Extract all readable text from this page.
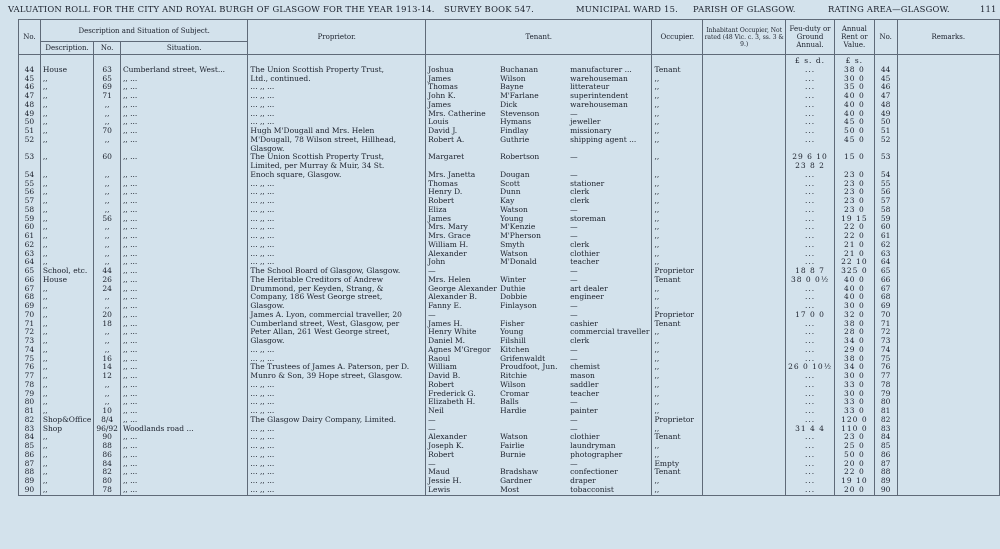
VALUATION ROLL FOR THE CITY AND ROYAL BURGH OF GLASGOW FOR THE YEAR 1913-14. SURVEY BOOK 547.	MUNICIPAL WARD 15. PARISH OF GLASGOW.	RATING AREA—GLASGOW.	111
No.	Description and Situation of Subject.			Proprietor.	Tenant.	Occupier.	Inhabitant Occupier, Not rated (48 Vic. c. 3, ss. 3 & 9.)	Feu-duty or Ground Annual.	Annual Rent or Value.	No.	Remarks.
	Description.	No.	Situation.								
								£ s. d.	£ s.		
44	House	63	Cumberland street, West...	The Union Scottish Property Trust,	Joshua Buchanan manufacturer ...	Tenant		...	38 0	44	
45	,,	65	,, ...	Ltd., continued.	James Wilson warehouseman	,,		...	30 0	45	
46	,,	69	,, ...	... ,, ...	Thomas Bayne litterateur	,,		...	35 0	46	
47	,,	71	,, ...	... ,, ...	John K. M'Farlane superintendent	,,		...	40 0	47	
48	,,	,,	,, ...	... ,, ...	James Dick warehouseman	,,		...	40 0	48	
49	,,	,,	,, ...	... ,, ...	Mrs. Catherine Stevenson —	,,		...	40 0	49	
50	,,	,,	,, ...	... ,, ...	Louis Hymans jeweller	,,		...	45 0	50	
51	,,	70	,, ...	Hugh M'Dougall and Mrs. Helen	David J. Findlay missionary	,,		...	50 0	51	
52	,,	,,	,, ...	M'Dougall, 78 Wilson street, Hillhead,	Robert A. Guthrie shipping agent ...	,,		...	45 0	52	
				Glasgow.							
53	,,	60	,, ...	The Union Scottish Property Trust,	Margaret Robertson —	,,		29 6 10	15 0	53	
				Limited, per Murray & Muir, 34 St.				23 8 2			
54	,,	,,	,, ...	Enoch square, Glasgow.	Mrs. Janetta Dougan —	,,		...	23 0	54	
55	,,	,,	,, ...	... ,, ...	Thomas Scott stationer	,,		...	23 0	55	
56	,,	,,	,, ...	... ,, ...	Henry D. Dunn clerk	,,		...	23 0	56	
57	,,	,,	,, ...	... ,, ...	Robert Kay clerk	,,		...	23 0	57	
58	,,	,,	,, ...	... ,, ...	Eliza Watson —	,,		...	23 0	58	
59	,,	56	,, ...	... ,, ...	James Young storeman	,,		...	19 15	59	
60	,,	,,	,, ...	... ,, ...	Mrs. Mary M'Kenzie —	,,		...	22 0	60	
61	,,	,,	,, ...	... ,, ...	Mrs. Grace M'Pherson —	,,		...	22 0	61	
62	,,	,,	,, ...	... ,, ...	William H. Smyth clerk	,,		...	21 0	62	
63	,,	,,	,, ...	... ,, ...	Alexander Watson clothier	,,		...	21 0	63	
64	,,	,,	,, ...	... ,, ...	John M'Donald teacher	,,		...	22 10	64	
65	School, etc.	44	,, ...	The School Board of Glasgow, Glasgow.	— —	Proprietor		18 8 7	325 0	65	
66	House	26	,, ...	The Heritable Creditors of Andrew	Mrs. Helen Winter —	Tenant		38 0 0½	40 0	66	
67	,,	24	,, ...	Drummond, per Keyden, Strang, &	George Alexander Duthie art dealer	,,		...	40 0	67	
68	,,	,,	,, ...	Company, 186 West George street,	Alexander B. Dobbie engineer	,,		...	40 0	68	
69	,,	,,	,, ...	Glasgow.	Fanny E. Finlayson —	,,		...	30 0	69	
70	,,	20	,, ...	James A. Lyon, commercial traveller, 20	— —	Proprietor		17 0 0	32 0	70	
71	,,	18	,, ...	Cumberland street, West, Glasgow, per	James H. Fisher cashier	Tenant		...	38 0	71	
72	,,	,,	,, ...	Peter Allan, 261 West George street,	Henry White Young commercial traveller	,,		...	28 0	72	
73	,,	,,	,, ...	Glasgow.	Daniel M. Filshill clerk	,,		...	34 0	73	
74	,,	,,	,, ...	... ,, ...	Agnes M'Gregor Kitchen —	,,		...	29 0	74	
75	,,	16	,, ...	... ,, ...	Raoul Grifenwaldt —	,,		...	38 0	75	
76	,,	14	,, ...	The Trustees of James A. Paterson, per D.	William Proudfoot, Jun. chemist	,,		26 0 10½	34 0	76	
77	,,	12	,, ...	Munro & Son, 39 Hope street, Glasgow.	David B. Ritchie mason	,,		...	30 0	77	
78	,,	,,	,, ...	... ,, ...	Robert Wilson saddler	,,		...	33 0	78	
79	,,	,,	,, ...	... ,, ...	Frederick G. Cromar teacher	,,		...	30 0	79	
80	,,	,,	,, ...	... ,, ...	Elizabeth H. Balls —	,,		...	33 0	80	
81	,,	10	,, ...	... ,, ...	Neil Hardie painter	,,		...	33 0	81	
82	Shop&Office	8/4	,, ...	The Glasgow Dairy Company, Limited.	— —	Proprietor		...	120 0	82	
83	Shop	96/92	Woodlands road ...	... ,, ...	— —	,,		31 4 4	110 0	83	
84	,,	90	,, ...	... ,, ...	Alexander Watson clothier	Tenant		...	23 0	84	
85	,,	88	,, ...	... ,, ...	Joseph K. Fairlie laundryman	,,		...	25 0	85	
86	,,	86	,, ...	... ,, ...	Robert Burnie photographer	,,		...	50 0	86	
87	,,	84	,, ...	... ,, ...	— —	Empty		...	20 0	87	
88	,,	82	,, ...	... ,, ...	Maud Bradshaw confectioner	Tenant		...	22 0	88	
89	,,	80	,, ...	... ,, ...	Jessie H. Gardner draper	,,		...	19 10	89	
90	,,	78	,, ...	... ,, ...	Lewis Most tobacconist	,,		...	20 0	90	
